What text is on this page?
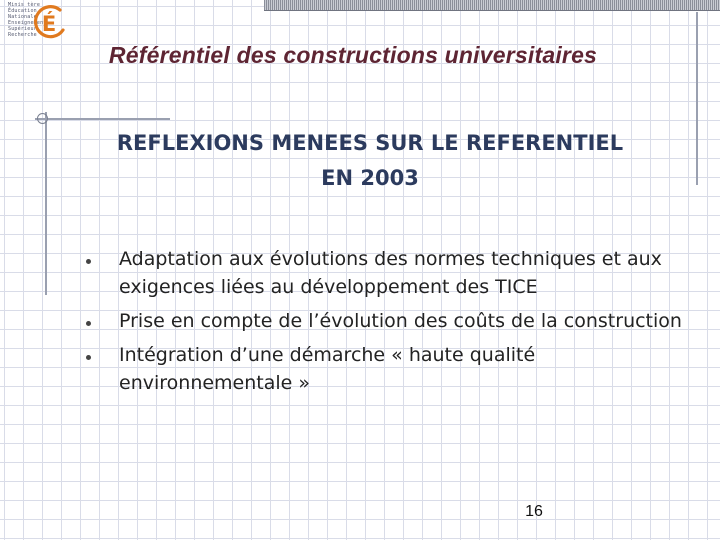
Minis tère
Éducation
Nationale
Enseignement
Supérieur
Recherche É
Référentiel des constructions universitaires
REFLEXIONS MENEES SUR LE REFERENTIEL
EN 2003
Adaptation aux évolutions des normes techniques et aux exigences liées au développement des TICE
Prise en compte de l’évolution des coûts de la construction
Intégration d’une démarche « haute qualité environnementale »
16
